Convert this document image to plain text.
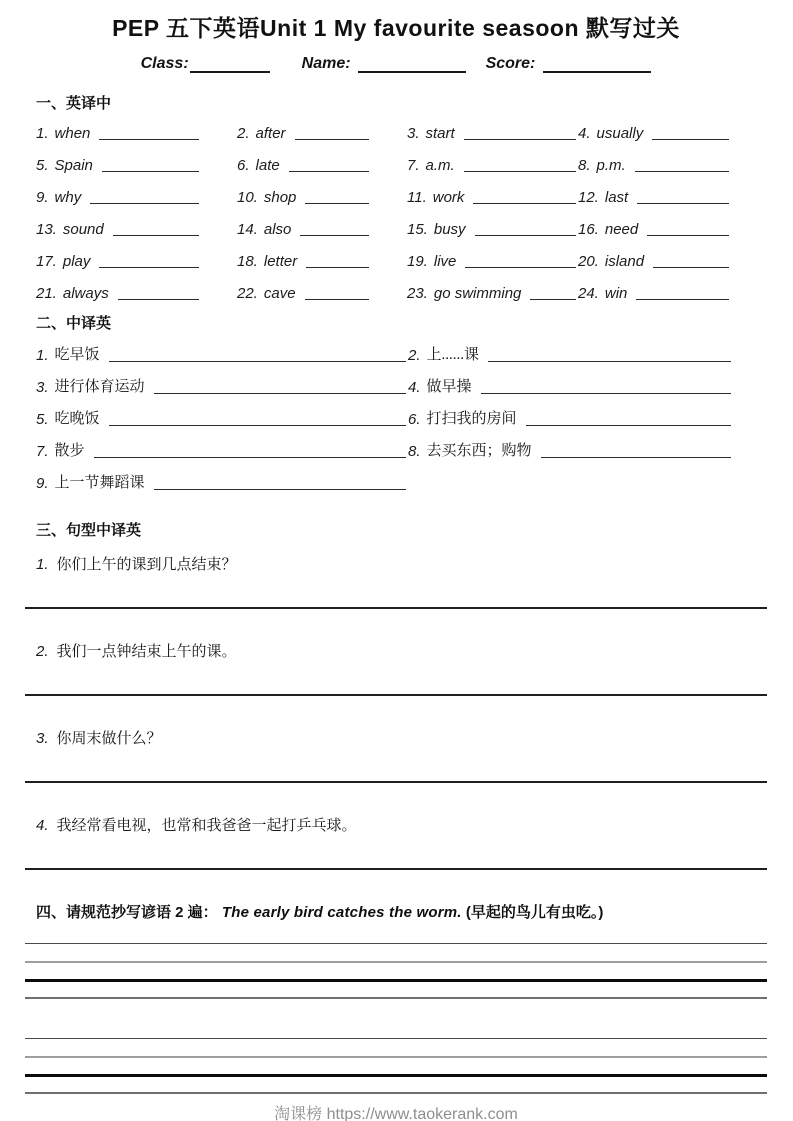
PEP 五下英语Unit 1 My favourite seasoon 默写过关
Class:	Name:	Score:
一、英译中
1. when	2. after	3. start	4. usually
5. Spain	6. late	7. a.m.	8. p.m.
9. why	10. shop	11. work	12. last
13. sound	14. also	15. busy	16. need
17. play	18. letter	19. live	20. island
21. always	22. cave	23. go swimming	24. win
二、中译英
1. 吃早饭	2. 上......课
3. 进行体育运动	4. 做早操
5. 吃晚饭	6. 打扫我的房间
7. 散步	8. 去买东西；购物
9. 上一节舞蹈课
三、句型中译英

1. 你们上午的课到几点结束？

2. 我们一点钟结束上午的课。

3. 你周末做什么？

4. 我经常看电视，也常和我爸爸一起打乒乓球。

四、请规范抄写谚语 2 遍： The early bird catches the worm. (早起的鸟儿有虫吃。)
淘课榜 https://www.taokerank.com
